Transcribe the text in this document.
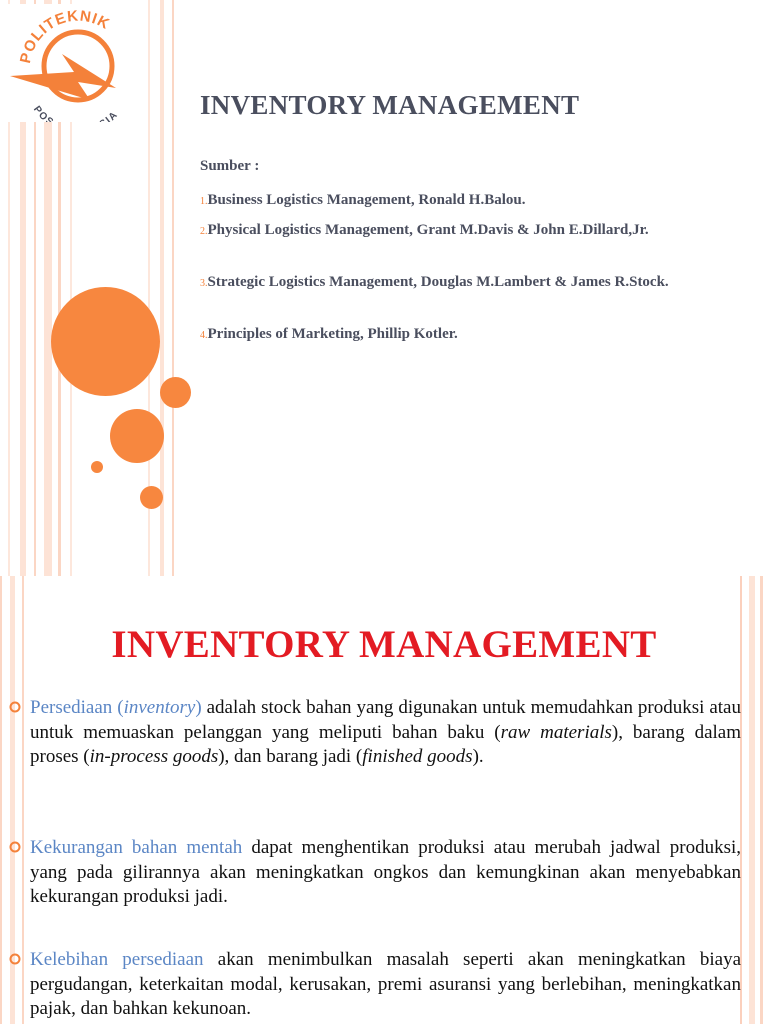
POLITEKNIK
PO IA	INVENTORY MANAGEMENT
Sumber :
1.Business Logistics Management, Ronald H.Balou.
2.Physical Logistics Management, Grant M.Davis & John E.Dillard,Jr.
3.Strategic Logistics Management, Douglas M.Lambert & James R.Stock.
4.Principles of Marketing, Phillip Kotler.
INVENTORY MANAGEMENT
Persediaan (inventory) adalah stock bahan yang digunakan untuk memudahkan produksi atau untuk memuaskan pelanggan yang meliputi bahan baku (raw materials), barang dalam proses (in-process goods), dan barang jadi (finished goods).
Kekurangan bahan mentah dapat menghentikan produksi atau merubah jadwal produksi, yang pada gilirannya akan meningkatkan ongkos dan kemungkinan akan menyebabkan kekurangan produksi jadi.
Kelebihan persediaan akan menimbulkan masalah seperti akan meningkatkan biaya pergudangan, keterkaitan modal, kerusakan, premi asuransi yang berlebihan, meningkatkan pajak, dan bahkan kekunoan.
